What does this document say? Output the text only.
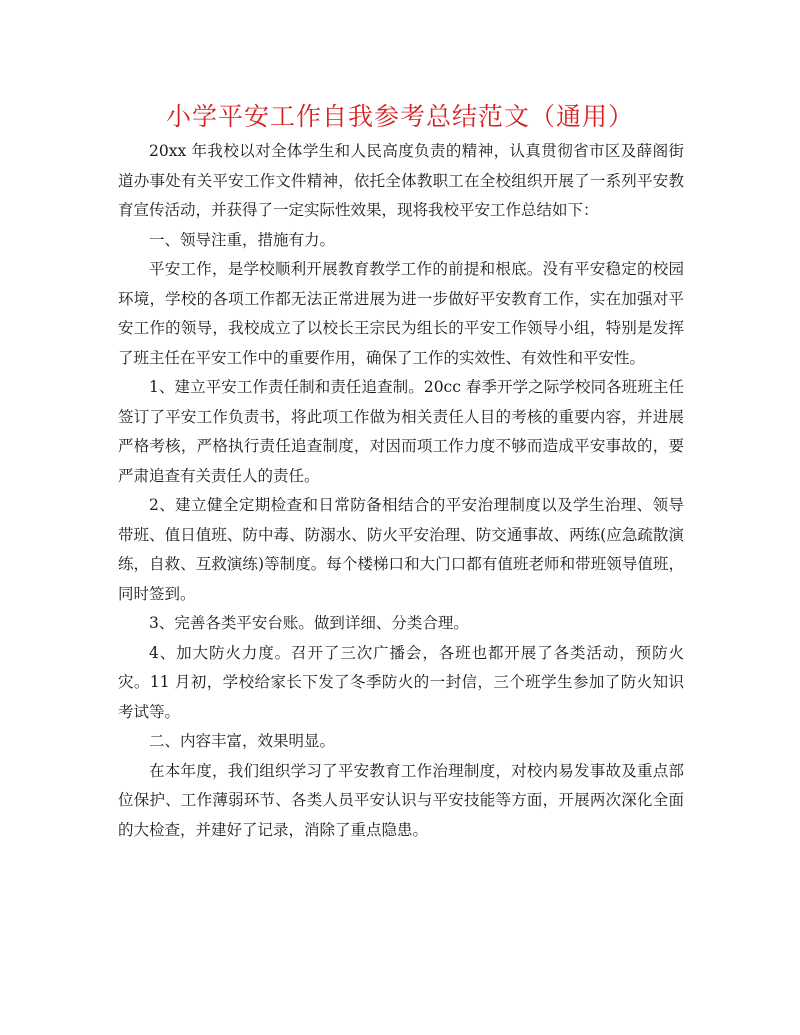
小学平安工作自我参考总结范文（通用）

20xx 年我校以对全体学生和人民高度负责的精神，认真贯彻省市区及薛阁街道办事处有关平安工作文件精神，依托全体教职工在全校组织开展了一系列平安教育宣传活动，并获得了一定实际性效果，现将我校平安工作总结如下：

一、领导注重，措施有力。

平安工作，是学校顺利开展教育教学工作的前提和根底。没有平安稳定的校园环境，学校的各项工作都无法正常进展为进一步做好平安教育工作，实在加强对平安工作的领导，我校成立了以校长王宗民为组长的平安工作领导小组，特别是发挥了班主任在平安工作中的重要作用，确保了工作的实效性、有效性和平安性。

1、建立平安工作责任制和责任追查制。20cc 春季开学之际学校同各班班主任签订了平安工作负责书，将此项工作做为相关责任人目的考核的重要内容，并进展严格考核，严格执行责任追查制度，对因而项工作力度不够而造成平安事故的，要严肃追查有关责任人的责任。

2、建立健全定期检查和日常防备相结合的平安治理制度以及学生治理、领导带班、值日值班、防中毒、防溺水、防火平安治理、防交通事故、两练(应急疏散演练，自救、互救演练)等制度。每个楼梯口和大门口都有值班老师和带班领导值班，同时签到。

3、完善各类平安台账。做到详细、分类合理。

4、加大防火力度。召开了三次广播会，各班也都开展了各类活动，预防火灾。11 月初，学校给家长下发了冬季防火的一封信，三个班学生参加了防火知识考试等。

二、内容丰富，效果明显。

在本年度，我们组织学习了平安教育工作治理制度，对校内易发事故及重点部位保护、工作薄弱环节、各类人员平安认识与平安技能等方面，开展两次深化全面的大检查，并建好了记录，消除了重点隐患。
